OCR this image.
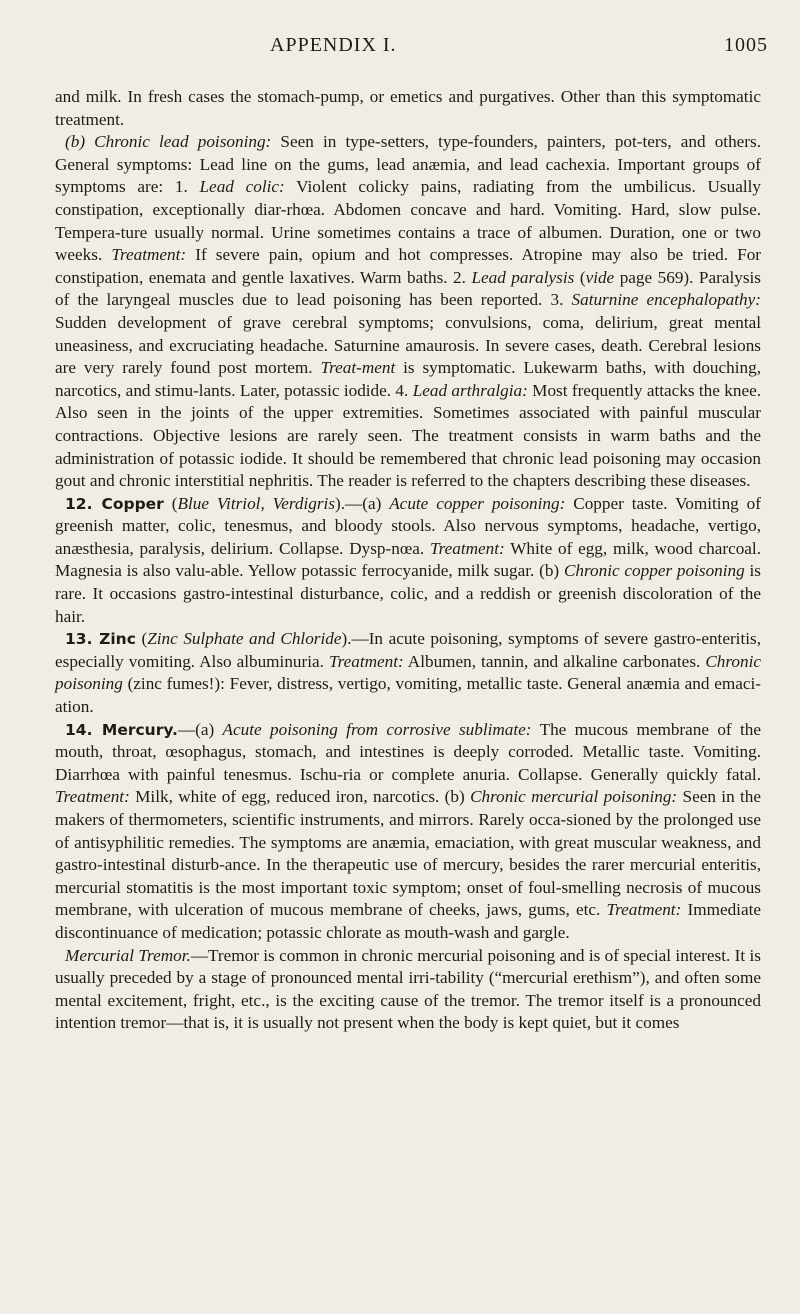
APPENDIX I.	1005

and milk. In fresh cases the stomach-pump, or emetics and purgatives. Other than this symptomatic treatment.

(b) Chronic lead poisoning: Seen in type-setters, type-founders, painters, pot-ters, and others. General symptoms: Lead line on the gums, lead anæmia, and lead cachexia. Important groups of symptoms are: 1. Lead colic: Violent colicky pains, radiating from the umbilicus. Usually constipation, exceptionally diar-rhœa. Abdomen concave and hard. Vomiting. Hard, slow pulse. Tempera-ture usually normal. Urine sometimes contains a trace of albumen. Duration, one or two weeks. Treatment: If severe pain, opium and hot compresses. Atropine may also be tried. For constipation, enemata and gentle laxatives. Warm baths. 2. Lead paralysis (vide page 569). Paralysis of the laryngeal muscles due to lead poisoning has been reported. 3. Saturnine encephalopathy: Sudden development of grave cerebral symptoms; convulsions, coma, delirium, great mental uneasiness, and excruciating headache. Saturnine amaurosis. In severe cases, death. Cerebral lesions are very rarely found post mortem. Treat-ment is symptomatic. Lukewarm baths, with douching, narcotics, and stimu-lants. Later, potassic iodide. 4. Lead arthralgia: Most frequently attacks the knee. Also seen in the joints of the upper extremities. Sometimes associated with painful muscular contractions. Objective lesions are rarely seen. The treatment consists in warm baths and the administration of potassic iodide. It should be remembered that chronic lead poisoning may occasion gout and chronic interstitial nephritis. The reader is referred to the chapters describing these diseases.

12. Copper (Blue Vitriol, Verdigris).—(a) Acute copper poisoning: Copper taste. Vomiting of greenish matter, colic, tenesmus, and bloody stools. Also nervous symptoms, headache, vertigo, anæsthesia, paralysis, delirium. Collapse. Dysp-nœa. Treatment: White of egg, milk, wood charcoal. Magnesia is also valu-able. Yellow potassic ferrocyanide, milk sugar. (b) Chronic copper poisoning is rare. It occasions gastro-intestinal disturbance, colic, and a reddish or greenish discoloration of the hair.

13. Zinc (Zinc Sulphate and Chloride).—In acute poisoning, symptoms of severe gastro-enteritis, especially vomiting. Also albuminuria. Treatment: Albumen, tannin, and alkaline carbonates. Chronic poisoning (zinc fumes!): Fever, distress, vertigo, vomiting, metallic taste. General anæmia and emaci-ation.

14. Mercury.—(a) Acute poisoning from corrosive sublimate: The mucous membrane of the mouth, throat, œsophagus, stomach, and intestines is deeply corroded. Metallic taste. Vomiting. Diarrhœa with painful tenesmus. Ischu-ria or complete anuria. Collapse. Generally quickly fatal. Treatment: Milk, white of egg, reduced iron, narcotics. (b) Chronic mercurial poisoning: Seen in the makers of thermometers, scientific instruments, and mirrors. Rarely occa-sioned by the prolonged use of antisyphilitic remedies. The symptoms are anæmia, emaciation, with great muscular weakness, and gastro-intestinal disturb-ance. In the therapeutic use of mercury, besides the rarer mercurial enteritis, mercurial stomatitis is the most important toxic symptom; onset of foul-smelling necrosis of mucous membrane, with ulceration of mucous membrane of cheeks, jaws, gums, etc. Treatment: Immediate discontinuance of medication; potassic chlorate as mouth-wash and gargle.

Mercurial Tremor.—Tremor is common in chronic mercurial poisoning and is of special interest. It is usually preceded by a stage of pronounced mental irri-tability (“mercurial erethism”), and often some mental excitement, fright, etc., is the exciting cause of the tremor. The tremor itself is a pronounced intention tremor—that is, it is usually not present when the body is kept quiet, but it comes
